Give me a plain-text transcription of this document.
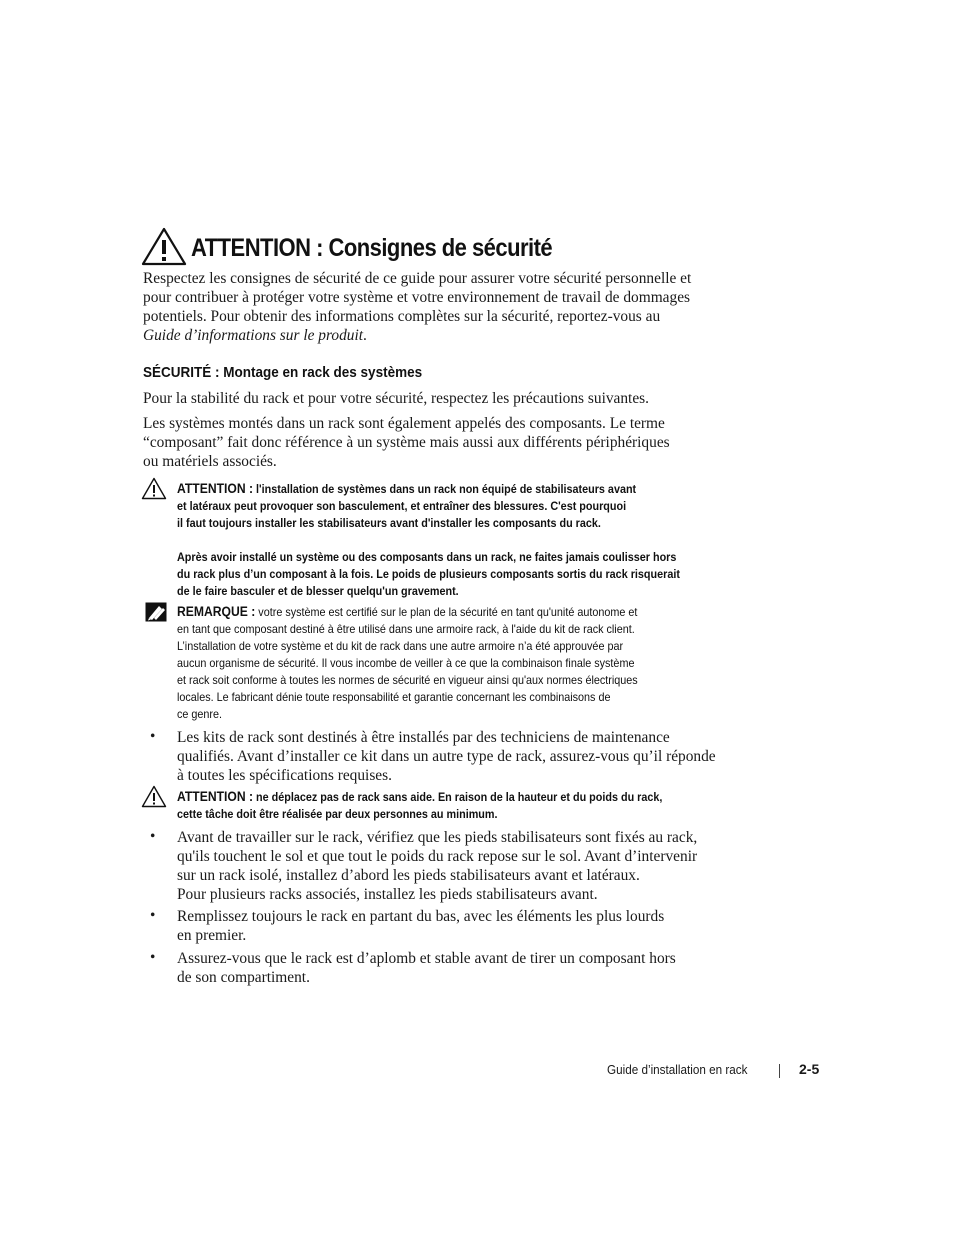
ATTENTION : Consignes de sécurité

Respectez les consignes de sécurité de ce guide pour assurer votre sécurité personnelle et
pour contribuer à protéger votre système et votre environnement de travail de dommages
potentiels. Pour obtenir des informations complètes sur la sécurité, reportez-vous au
Guide d’informations sur le produit.

SÉCURITÉ : Montage en rack des systèmes

Pour la stabilité du rack et pour votre sécurité, respectez les précautions suivantes.

Les systèmes montés dans un rack sont également appelés des composants. Le terme
“composant” fait donc référence à un système mais aussi aux différents périphériques
ou matériels associés.

ATTENTION : l'installation de systèmes dans un rack non équipé de stabilisateurs avant
et latéraux peut provoquer son basculement, et entraîner des blessures. C'est pourquoi
il faut toujours installer les stabilisateurs avant d'installer les composants du rack.

Après avoir installé un système ou des composants dans un rack, ne faites jamais coulisser hors
du rack plus d’un composant à la fois. Le poids de plusieurs composants sortis du rack risquerait
de le faire basculer et de blesser quelqu'un gravement.
REMARQUE : votre système est certifié sur le plan de la sécurité en tant qu'unité autonome et
en tant que composant destiné à être utilisé dans une armoire rack, à l'aide du kit de rack client.
L’installation de votre système et du kit de rack dans une autre armoire n’a été approuvée par
aucun organisme de sécurité. Il vous incombe de veiller à ce que la combinaison finale système
et rack soit conforme à toutes les normes de sécurité en vigueur ainsi qu'aux normes électriques
locales. Le fabricant dénie toute responsabilité et garantie concernant les combinaisons de
ce genre.
• Les kits de rack sont destinés à être installés par des techniciens de maintenance
qualifiés. Avant d’installer ce kit dans un autre type de rack, assurez-vous qu’il réponde
à toutes les spécifications requises.

ATTENTION : ne déplacez pas de rack sans aide. En raison de la hauteur et du poids du rack,
cette tâche doit être réalisée par deux personnes au minimum.
• Avant de travailler sur le rack, vérifiez que les pieds stabilisateurs sont fixés au rack,
qu'ils touchent le sol et que tout le poids du rack repose sur le sol. Avant d’intervenir
sur un rack isolé, installez d’abord les pieds stabilisateurs avant et latéraux.
Pour plusieurs racks associés, installez les pieds stabilisateurs avant.

• Remplissez toujours le rack en partant du bas, avec les éléments les plus lourds
en premier.

• Assurez-vous que le rack est d’aplomb et stable avant de tirer un composant hors
de son compartiment.

Guide d’installation en rack	2-5
